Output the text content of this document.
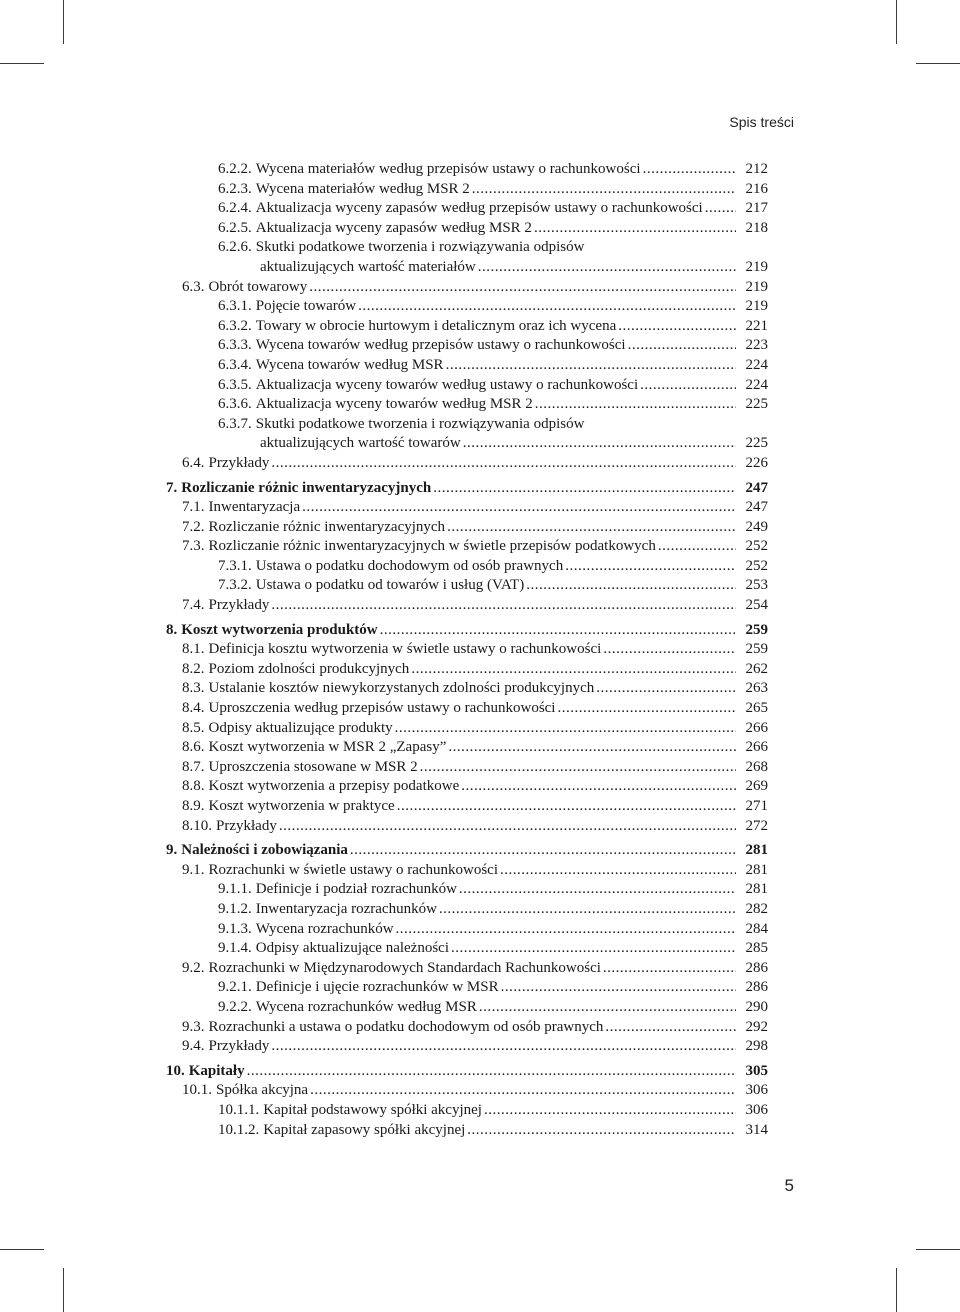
Spis treści
6.2.2. Wycena materiałów według przepisów ustawy o rachunkowości .....	212
6.2.3. Wycena materiałów według MSR 2 .....	216
6.2.4. Aktualizacja wyceny zapasów według przepisów ustawy o rachunkowości .....	217
6.2.5. Aktualizacja wyceny zapasów według MSR 2 .....	218
6.2.6. Skutki podatkowe tworzenia i rozwiązywania odpisów
aktualizujących wartość materiałów .....	219
6.3. Obrót towarowy .....	219
6.3.1. Pojęcie towarów .....	219
6.3.2. Towary w obrocie hurtowym i detalicznym oraz ich wycena .....	221
6.3.3. Wycena towarów według przepisów ustawy o rachunkowości .....	223
6.3.4. Wycena towarów według MSR .....	224
6.3.5. Aktualizacja wyceny towarów według ustawy o rachunkowości .....	224
6.3.6. Aktualizacja wyceny towarów według MSR 2 .....	225
6.3.7. Skutki podatkowe tworzenia i rozwiązywania odpisów
aktualizujących wartość towarów .....	225
6.4. Przykłady .....	226
7. Rozliczanie różnic inwentaryzacyjnych .....	247
7.1. Inwentaryzacja .....	247
7.2. Rozliczanie różnic inwentaryzacyjnych .....	249
7.3. Rozliczanie różnic inwentaryzacyjnych w świetle przepisów podatkowych .....	252
7.3.1. Ustawa o podatku dochodowym od osób prawnych .....	252
7.3.2. Ustawa o podatku od towarów i usług (VAT) .....	253
7.4. Przykłady .....	254
8. Koszt wytworzenia produktów .....	259
8.1. Definicja kosztu wytworzenia w świetle ustawy o rachunkowości .....	259
8.2. Poziom zdolności produkcyjnych .....	262
8.3. Ustalanie kosztów niewykorzystanych zdolności produkcyjnych .....	263
8.4. Uproszczenia według przepisów ustawy o rachunkowości .....	265
8.5. Odpisy aktualizujące produkty .....	266
8.6. Koszt wytworzenia w MSR 2 „Zapasy” .....	266
8.7. Uproszczenia stosowane w MSR 2 .....	268
8.8. Koszt wytworzenia a przepisy podatkowe .....	269
8.9. Koszt wytworzenia w praktyce .....	271
8.10. Przykłady .....	272
9. Należności i zobowiązania .....	281
9.1. Rozrachunki w świetle ustawy o rachunkowości .....	281
9.1.1. Definicje i podział rozrachunków .....	281
9.1.2. Inwentaryzacja rozrachunków .....	282
9.1.3. Wycena rozrachunków .....	284
9.1.4. Odpisy aktualizujące należności .....	285
9.2. Rozrachunki w Międzynarodowych Standardach Rachunkowości .....	286
9.2.1. Definicje i ujęcie rozrachunków w MSR .....	286
9.2.2. Wycena rozrachunków według MSR .....	290
9.3. Rozrachunki a ustawa o podatku dochodowym od osób prawnych .....	292
9.4. Przykłady .....	298
10. Kapitały .....	305
10.1. Spółka akcyjna .....	306
10.1.1. Kapitał podstawowy spółki akcyjnej .....	306
10.1.2. Kapitał zapasowy spółki akcyjnej .....	314
5
